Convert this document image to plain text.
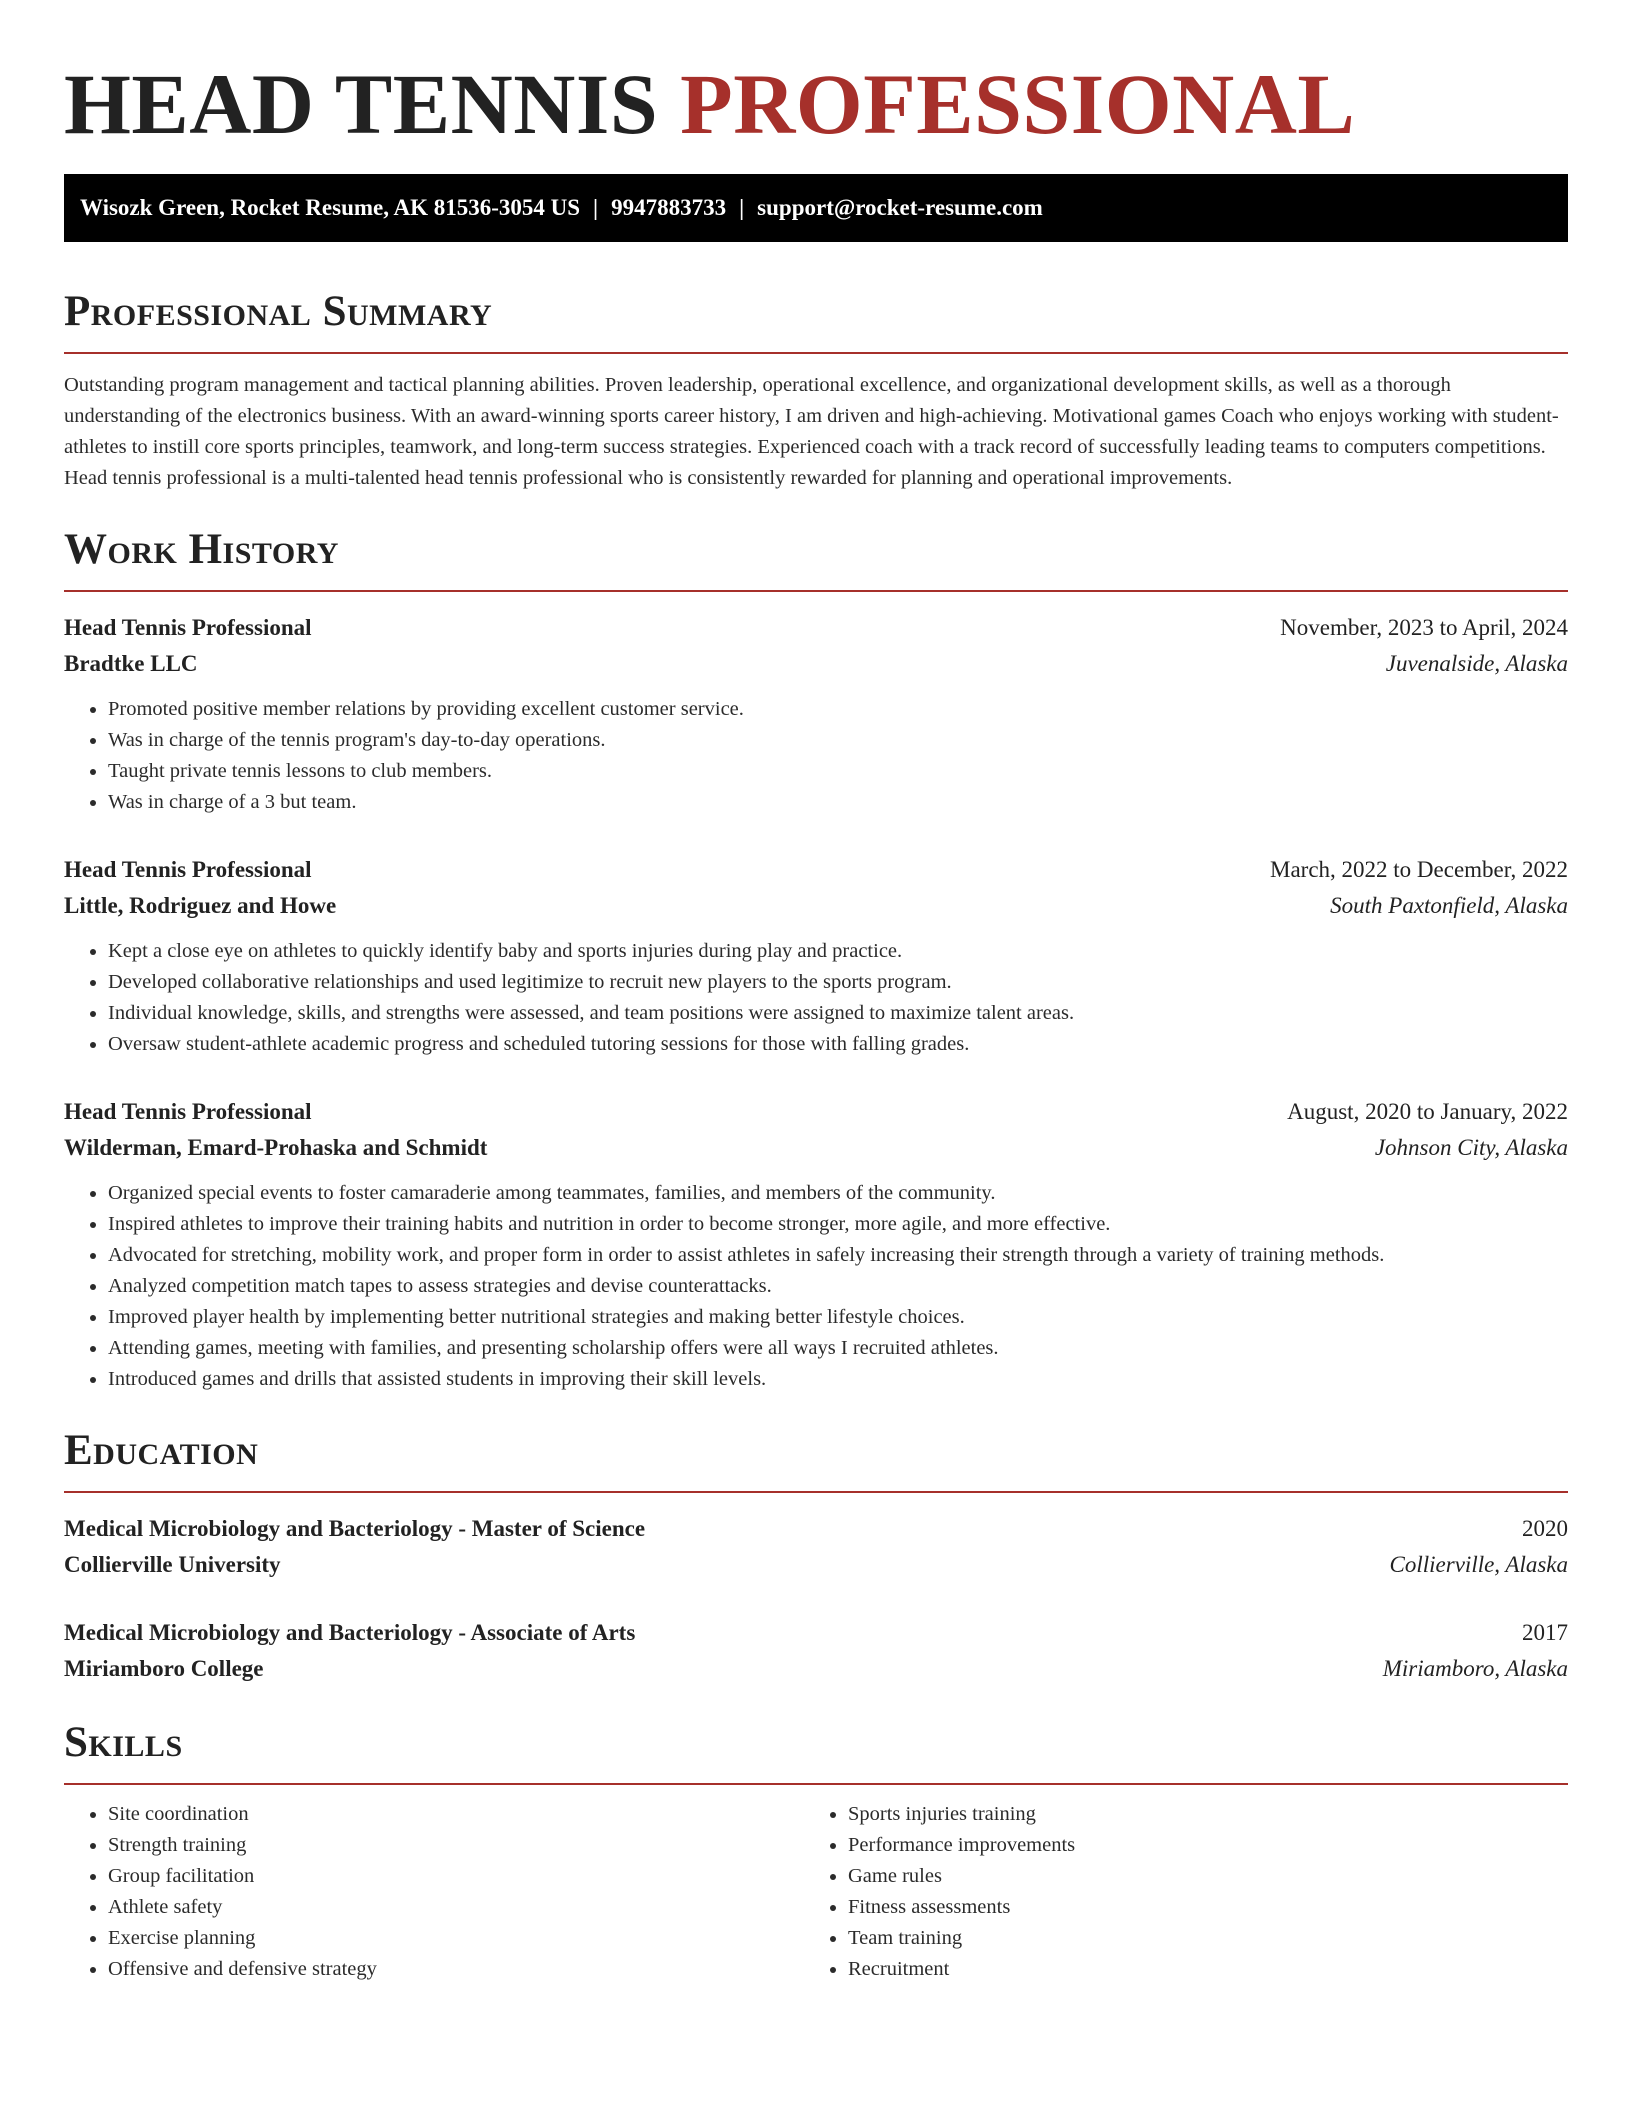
HEAD TENNIS PROFESSIONAL
Wisozk Green, Rocket Resume, AK 81536-3054 US | 9947883733 | support@rocket-resume.com
Professional Summary

Outstanding program management and tactical planning abilities. Proven leadership, operational excellence, and organizational development skills, as well as a thorough understanding of the electronics business. With an award-winning sports career history, I am driven and high-achieving. Motivational games Coach who enjoys working with student-athletes to instill core sports principles, teamwork, and long-term success strategies. Experienced coach with a track record of successfully leading teams to computers competitions. Head tennis professional is a multi-talented head tennis professional who is consistently rewarded for planning and operational improvements.

Work History
Head Tennis Professional	November, 2023 to April, 2024
Bradtke LLC	Juvenalside, Alaska
• Promoted positive member relations by providing excellent customer service.
• Was in charge of the tennis program's day-to-day operations.
• Taught private tennis lessons to club members.
• Was in charge of a 3 but team.
Head Tennis Professional	March, 2022 to December, 2022
Little, Rodriguez and Howe	South Paxtonfield, Alaska
• Kept a close eye on athletes to quickly identify baby and sports injuries during play and practice.
• Developed collaborative relationships and used legitimize to recruit new players to the sports program.
• Individual knowledge, skills, and strengths were assessed, and team positions were assigned to maximize talent areas.
• Oversaw student-athlete academic progress and scheduled tutoring sessions for those with falling grades.
Head Tennis Professional	August, 2020 to January, 2022
Wilderman, Emard-Prohaska and Schmidt	Johnson City, Alaska
• Organized special events to foster camaraderie among teammates, families, and members of the community.
• Inspired athletes to improve their training habits and nutrition in order to become stronger, more agile, and more effective.
• Advocated for stretching, mobility work, and proper form in order to assist athletes in safely increasing their strength through a variety of training methods.
• Analyzed competition match tapes to assess strategies and devise counterattacks.
• Improved player health by implementing better nutritional strategies and making better lifestyle choices.
• Attending games, meeting with families, and presenting scholarship offers were all ways I recruited athletes.
• Introduced games and drills that assisted students in improving their skill levels.
Education
Medical Microbiology and Bacteriology - Master of Science	2020
Collierville University	Collierville, Alaska
Medical Microbiology and Bacteriology - Associate of Arts	2017
Miriamboro College	Miriamboro, Alaska
Skills
• Site coordination
• Strength training
• Group facilitation
• Athlete safety
• Exercise planning
• Offensive and defensive strategy
• Sports injuries training
• Performance improvements
• Game rules
• Fitness assessments
• Team training
• Recruitment
